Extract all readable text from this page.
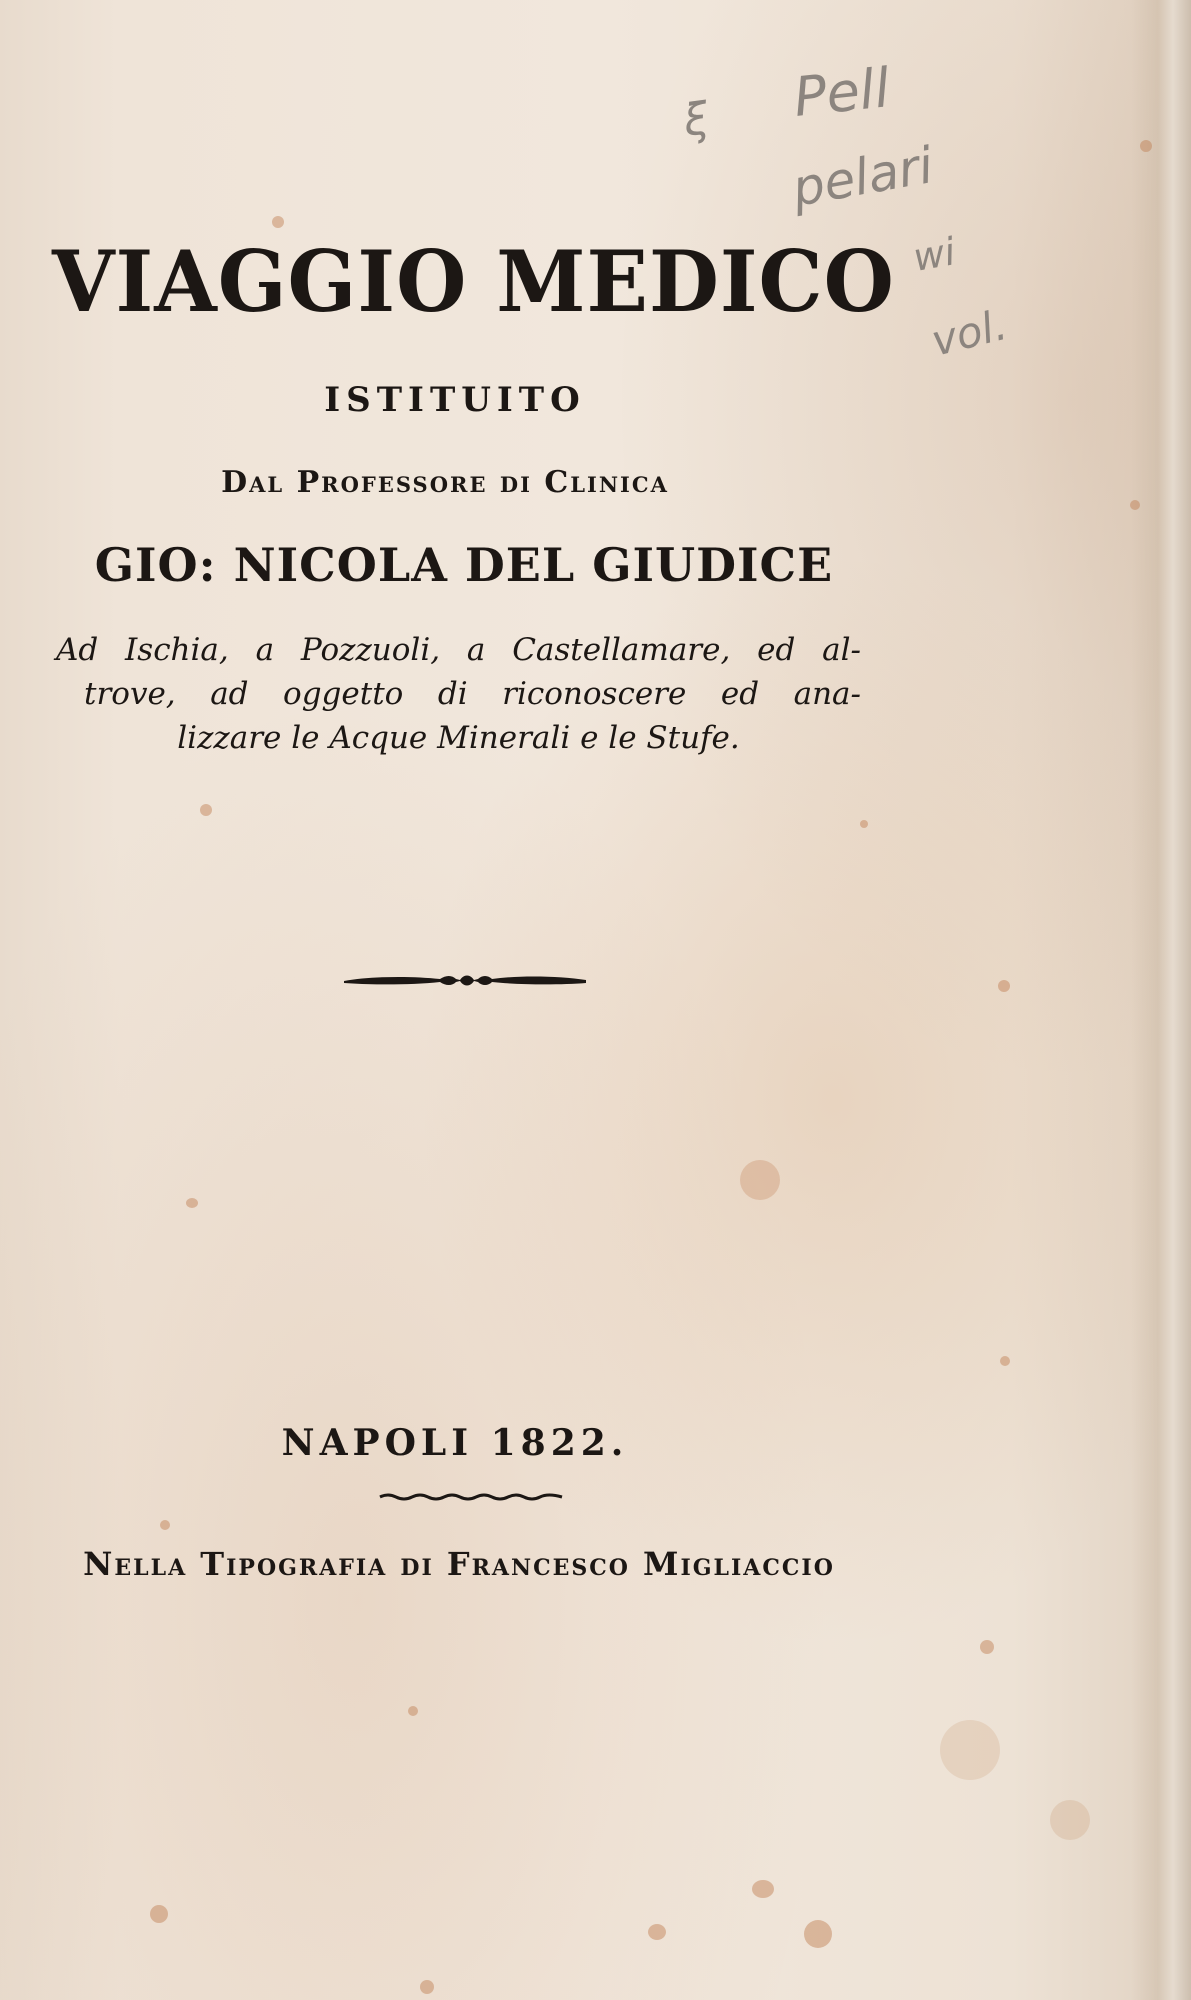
ξ Pell
pelari
wi
vol.
VIAGGIO MEDICO
ISTITUITO
Dal Professore di Clinica
GIO: NICOLA DEL GIUDICE
Ad Ischia, a Pozzuoli, a Castellamare, ed al-
trove, ad oggetto di riconoscere ed ana-
lizzare le Acque Minerali e le Stufe.
NAPOLI 1822.
Nella Tipografia di Francesco Migliaccio
